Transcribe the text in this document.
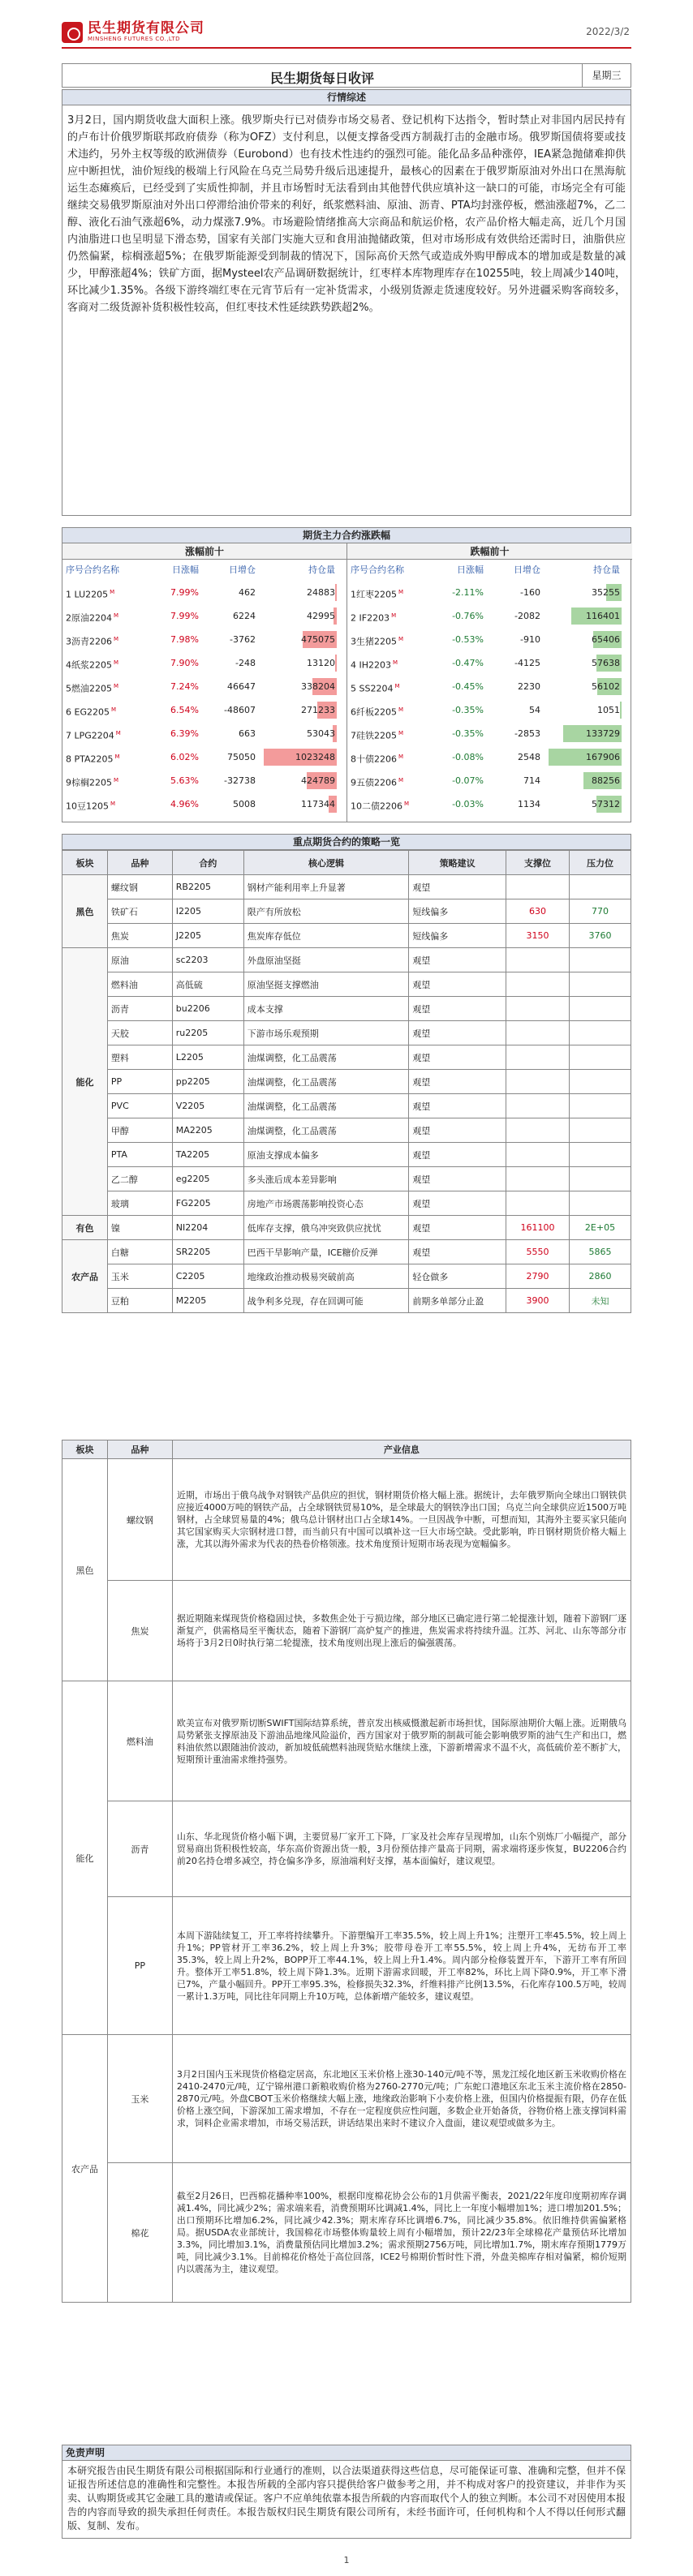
民生期货有限公司
MINSHENG FUTURES CO.,LTD
2022/3/2
民生期货每日收评	星期三
行情综述
3月2日，国内期货收盘大面积上涨。俄罗斯央行已对债券市场交易者、登记机构下达指令，暂时禁止对非国内居民持有的卢布计价俄罗斯联邦政府债券（称为OFZ）支付利息，以便支撑备受西方制裁打击的金融市场。俄罗斯国债将要或技术违约，另外主权等级的欧洲债券（Eurobond）也有技术性违约的强烈可能。能化品多品种涨停，IEA紧急抛储难抑供应中断担忧，油价短线的极端上行风险在乌克兰局势升级后迅速提升，最核心的因素在于俄罗斯原油对外出口在黑海航运生态瘫痪后，已经受到了实质性抑制，并且市场暂时无法看到由其他替代供应填补这一缺口的可能，市场完全有可能继续交易俄罗斯原油对外出口停滞给油价带来的利好，纸浆燃料油、原油、沥青、PTA均封涨停板，燃油涨超7%，乙二醇、液化石油气涨超6%，动力煤涨7.9%。市场避险情绪推高大宗商品和航运价格，农产品价格大幅走高，近几个月国内油脂进口也呈明显下滑态势，国家有关部门实施大豆和食用油抛储政策，但对市场形成有效供给还需时日，油脂供应仍然偏紧，棕榈涨超5%；在俄罗斯能源受到制裁的情况下，国际高价天然气或造成外购甲醇成本的增加或是数量的减少，甲醇涨超4%；铁矿方面，据Mysteel农产品调研数据统计，红枣样本库物理库存在10255吨，较上周减少140吨，环比减少1.35%。各级下游终端红枣在元宵节后有一定补货需求，小级别货源走货速度较好。另外进疆采购客商较多，客商对二级货源补货积极性较高，但红枣技术性延续跌势跌超2%。
期货主力合约涨跌幅
涨幅前十
序号合约名称	日涨幅	日增仓	持仓量
1 LU2205 $^M$	7.99%	462	24883
2原油2204 $^M$	7.99%	6224	42995
3沥青2206 $^M$	7.98%	-3762	475075
4纸浆2205 $^M$	7.90%	-248	13120
5燃油2205 $^M$	7.24%	46647	338204
6 EG2205 $^M$	6.54%	-48607	271233
7 LPG2204 $^M$	6.39%	663	53043
8 PTA2205 $^M$	6.02%	75050	1023248
9棕榈2205 $^M$	5.63%	-32738	424789
10豆1205 $^M$	4.96%	5008	117344
跌幅前十
序号合约名称	日涨幅	日增仓	持仓量
1红枣2205 $^M$	-2.11%	-160	35255
2 IF2203 $^M$	-0.76%	-2082	116401
3生猪2205 $^M$	-0.53%	-910	65406
4 IH2203 $^M$	-0.47%	-4125	57638
5 SS2204 $^M$	-0.45%	2230	56102
6纤板2205 $^M$	-0.35%	54	1051
7硅铁2205 $^M$	-0.35%	-2853	133729
8十债2206 $^M$	-0.08%	2548	167906
9五债2206 $^M$	-0.07%	714	88256
10二债2206 $^M$	-0.03%	1134	57312
重点期货合约的策略一览
板块	品种	合约	核心逻辑	策略建议	支撑位	压力位
黑色	螺纹钢	RB2205	钢材产能利用率上升显著	观望		
	铁矿石	I2205	限产有所放松	短线偏多	630	770
	焦炭	J2205	焦炭库存低位	短线偏多	3150	3760
能化	原油	sc2203	外盘原油坚挺	观望		
	燃料油	高低硫	原油坚挺支撑燃油	观望		
	沥青	bu2206	成本支撑	观望		
	天胶	ru2205	下游市场乐观预期	观望		
	塑料	L2205	油煤调整，化工品震荡	观望		
	PP	pp2205	油煤调整，化工品震荡	观望		
	PVC	V2205	油煤调整，化工品震荡	观望		
	甲醇	MA2205	油煤调整，化工品震荡	观望		
	PTA	TA2205	原油支撑成本偏多	观望		
	乙二醇	eg2205	多头涨后成本差异影响	观望		
	玻璃	FG2205	房地产市场震荡影响投资心态	观望		
有色	镍	NI2204	低库存支撑，俄乌冲突致供应扰忧	观望	161100	2E+05
农产品	白糖	SR2205	巴西干旱影响产量，ICE糖价反弹	观望	5550	5865
	玉米	C2205	地缘政治推动极易突破前高	轻仓做多	2790	2860
	豆粕	M2205	战争利多兑现，存在回调可能	前期多单部分止盈	3900	未知
板块	品种	产业信息
黑色	螺纹钢	近期，市场出于俄乌战争对钢铁产品供应的担忧，钢材期货价格大幅上涨。据统计，去年俄罗斯向全球出口钢铁供应接近4000万吨的钢铁产品，占全球钢铁贸易10%，是全球最大的钢铁净出口国；乌克兰向全球供应近1500万吨钢材，占全球贸易量的4%；俄乌总计钢材出口占全球14%。一旦因战争中断，可想而知，其海外主要买家只能向其它国家购买大宗钢材进口替，而当前只有中国可以填补这一巨大市场空缺。受此影响，昨日钢材期货价格大幅上涨，尤其以海外需求为代表的热卷价格领涨。技术角度预计短期市场表现为宽幅偏多。
	焦炭	据近期随来煤现货价格稳固过快，多数焦企处于亏损边缘，部分地区已确定进行第二轮提涨计划，随着下游钢厂逐渐复产，供需格局至平衡状态，随着下游钢厂高炉复产的推进，焦炭需求将持续升温。江苏、河北、山东等部分市场将于3月2日0时执行第二轮提涨，技术角度则出现上涨后的偏强震荡。
能化	燃料油	欧美宣布对俄罗斯切断SWIFT国际结算系统，普京发出核威慑激起新市场担忧，国际原油期价大幅上涨。近期俄乌局势紧张支撑原油及下游油品地缘风险溢价，西方国家对于俄罗斯的制裁可能会影响俄罗斯的油气生产和出口，燃料油依然以跟随油价波动，新加坡低硫燃料油现货贴水继续上涨，下游新增需求不温不火，高低硫价差不断扩大，短期预计重油需求维持强势。
	沥青	山东、华北现货价格小幅下调，主要贸易厂家开工下降，厂家及社会库存呈现增加，山东个别炼厂小幅提产，部分贸易商出货积极性较高，华东高价资源出货一般，3月份预估排产量高于同期，需求端将逐步恢复，BU2206合约前20名持仓增多减空，持仓偏多净多，原油端利好支撑，基本面偏好，建议观望。
	PP	本周下游陆续复工，开工率将持续攀升。下游塑编开工率35.5%，较上周上升1%；注塑开工率45.5%，较上周上升1%；PP管材开工率36.2%，较上周上升3%；胶带母卷开工率55.5%，较上周上升4%，无纺布开工率35.3%，较上周上升2%，BOPP开工率44.1%，较上周上升1.4%。周内部分检修装置开车，下游开工率有所回升。整体开工率51.8%，较上周下降1.3%。近期下游需求回暖，开工率82%，环比上周下降0.9%，开工率下滑已7%，产量小幅回升。PP开工率95.3%，检修损失32.3%，纤维料排产比例13.5%，石化库存100.5万吨，较周一累计1.3万吨，同比往年同期上升10万吨，总体新增产能较多，建议观望。
农产品	玉米	3月2日国内玉米现货价格稳定居高，东北地区玉米价格上涨30-140元/吨不等，黑龙江绥化地区新玉米收购价格在2410-2470元/吨，辽宁锦州港口新粮收购价格为2760-2770元/吨；广东蛇口港地区东北玉米主流价格在2850-2870元/吨。外盘CBOT玉米价格继续大幅上涨，地缘政治影响下小麦价格上涨，但国内价格提振有限，仍存在低价格上涨空间，下游深加工需求增加，不存在一定程度供应性问题，多数企业开始备货，谷物价格上涨支撑饲料需求，饲料企业需求增加，市场交易活跃，讲话结果出来时不建议介入盘面，建议观望或做多为主。
	棉花	截至2月26日，巴西棉花播种率100%，根据印度棉花协会公布的1月供需平衡表，2021/22年度印度期初库存调减1.4%，同比减少2%；需求端来看，消费预期环比调减1.4%，同比上一年度小幅增加1%；进口增加201.5%；出口预期环比增加6.2%，同比减少42.3%；期末库存环比调增6.7%，同比减少35.8%。依旧维持供需偏紧格局。据USDA农业部统计，我国棉花市场整体购量较上周有小幅增加，预计22/23年全球棉花产量预估环比增加3.3%，同比增加3.1%，消费量预估同比增加3.2%；需求预期2756万吨，同比增加1.7%，期末库存预期1779万吨，同比减少3.1%。目前棉花价格处于高位回落，ICE2号棉期价暂时性下滑，外盘美棉库存相对偏紧，棉价短期内以震荡为主，建议观望。
免责声明
本研究报告由民生期货有限公司根据国际和行业通行的准则，以合法渠道获得这些信息，尽可能保证可靠、准确和完整，但并不保证报告所述信息的准确性和完整性。本报告所载的全部内容只提供给客户做参考之用，并不构成对客户的投资建议，并非作为买卖、认购期货或其它金融工具的邀请或保证。客户不应单纯依靠本报告所载的内容而取代个人的独立判断。本公司不对因使用本报告的内容而导致的损失承担任何责任。本报告版权归民生期货有限公司所有，未经书面许可，任何机构和个人不得以任何形式翻版、复制、发布。
1
